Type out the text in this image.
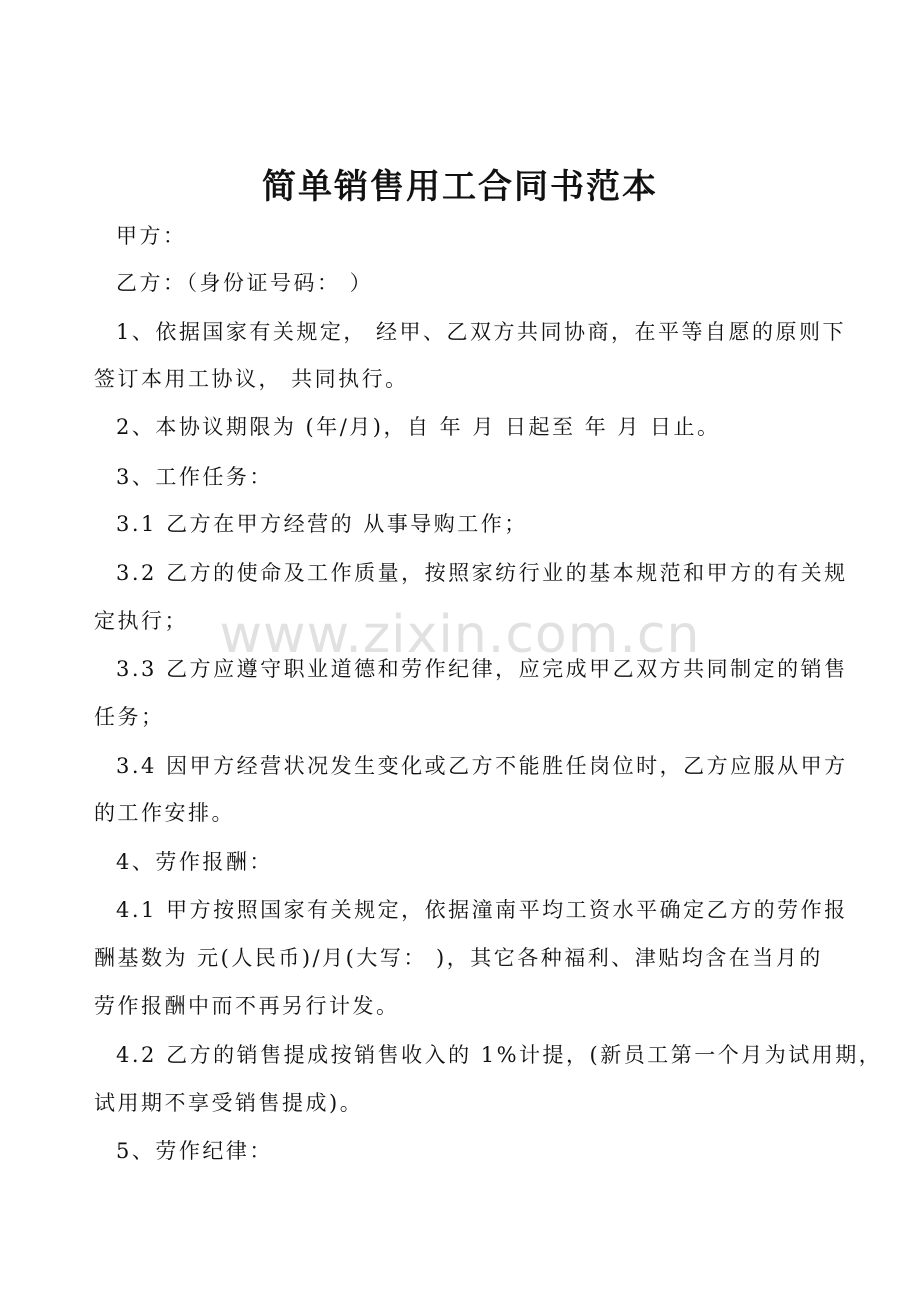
www.zixin.com.cn
简单销售用工合同书范本
甲方：
乙方：（身份证号码： ）
1、依据国家有关规定， 经甲、乙双方共同协商，在平等自愿的原则下
签订本用工协议， 共同执行。
2、本协议期限为 (年/月)，自 年 月 日起至 年 月 日止。
3、工作任务：
3.1 乙方在甲方经营的 从事导购工作；
3.2 乙方的使命及工作质量，按照家纺行业的基本规范和甲方的有关规
定执行；
3.3 乙方应遵守职业道德和劳作纪律，应完成甲乙双方共同制定的销售
任务；
3.4 因甲方经营状况发生变化或乙方不能胜任岗位时，乙方应服从甲方
的工作安排。
4、劳作报酬：
4.1 甲方按照国家有关规定，依据潼南平均工资水平确定乙方的劳作报
酬基数为 元(人民币)/月(大写： )，其它各种福利、津贴均含在当月的
劳作报酬中而不再另行计发。
4.2 乙方的销售提成按销售收入的 1%计提，(新员工第一个月为试用期，
试用期不享受销售提成)。
5、劳作纪律：
